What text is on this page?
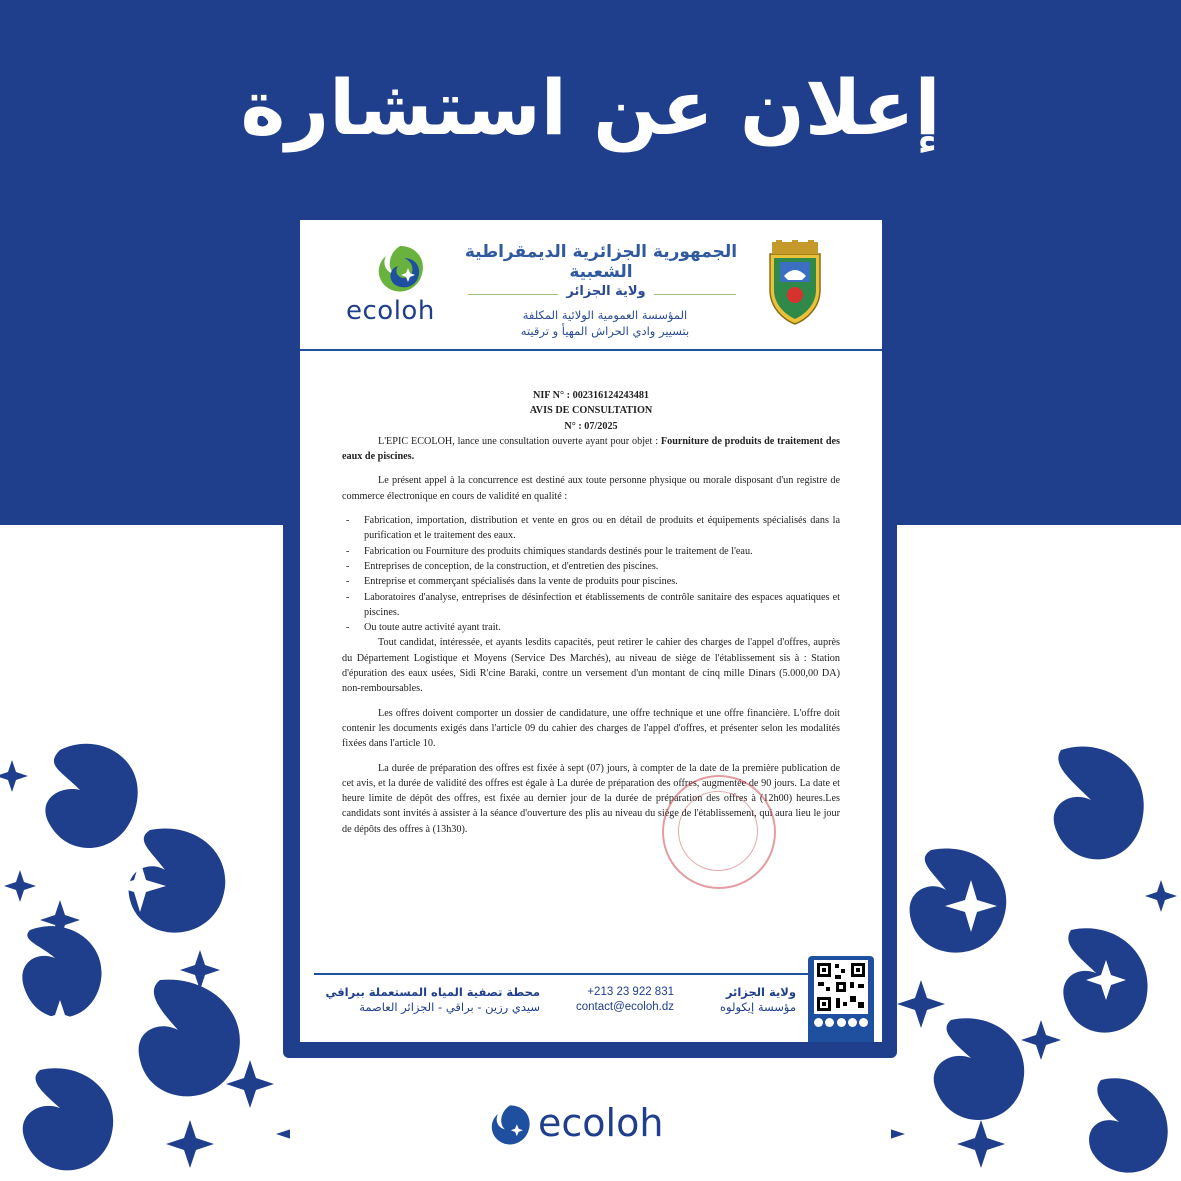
إعلان عن استشارة
ecoloh
الجمهورية الجزائرية الديمقراطية الشعبية
ولاية الجزائر
المؤسسة العمومية الولائية المكلفة
بتسيير وادي الحراش المهيأ و ترقيته

NIF N° : 002316124243481

AVIS DE CONSULTATION

N° : 07/2025

L'EPIC ECOLOH, lance une consultation ouverte ayant pour objet : Fourniture de produits de traitement des eaux de piscines.

Le présent appel à la concurrence est destiné aux toute personne physique ou morale disposant d'un registre de commerce électronique en cours de validité en qualité :

- Fabrication, importation, distribution et vente en gros ou en détail de produits et équipements spécialisés dans la purification et le traitement des eaux.
- Fabrication ou Fourniture des produits chimiques standards destinés pour le traitement de l'eau.
- Entreprises de conception, de la construction, et d'entretien des piscines.
- Entreprise et commerçant spécialisés dans la vente de produits pour piscines.
- Laboratoires d'analyse, entreprises de désinfection et établissements de contrôle sanitaire des espaces aquatiques et piscines.
- Ou toute autre activité ayant trait.

Tout candidat, intéressée, et ayants lesdits capacités, peut retirer le cahier des charges de l'appel d'offres, auprès du Département Logistique et Moyens (Service Des Marchés), au niveau de siège de l'établissement sis à : Station d'épuration des eaux usées, Sidi R'cine Baraki, contre un versement d'un montant de cinq mille Dinars (5.000,00 DA) non-remboursables.

Les offres doivent comporter un dossier de candidature, une offre technique et une offre financière. L'offre doit contenir les documents exigés dans l'article 09 du cahier des charges de l'appel d'offres, et présenter selon les modalités fixées dans l'article 10.

La durée de préparation des offres est fixée à sept (07) jours, à compter de la date de la première publication de cet avis, et la durée de validité des offres est égale à La durée de préparation des offres, augmentée de 90 jours. La date et heure limite de dépôt des offres, est fixée au dernier jour de la durée de préparation des offres à (12h00) heures.Les candidats sont invités à assister à la séance d'ouverture des plis au niveau du siège de l'établissement, qui aura lieu le jour de dépôts des offres à (13h30).

محطة تصفية المياه المستعملة ببراقي
سيدي رزين - براقي - الجزائر العاصمة
+213 23 922 831
contact@ecoloh.dz
ولاية الجزائر
مؤسسة إيكولوه
ecoloh
